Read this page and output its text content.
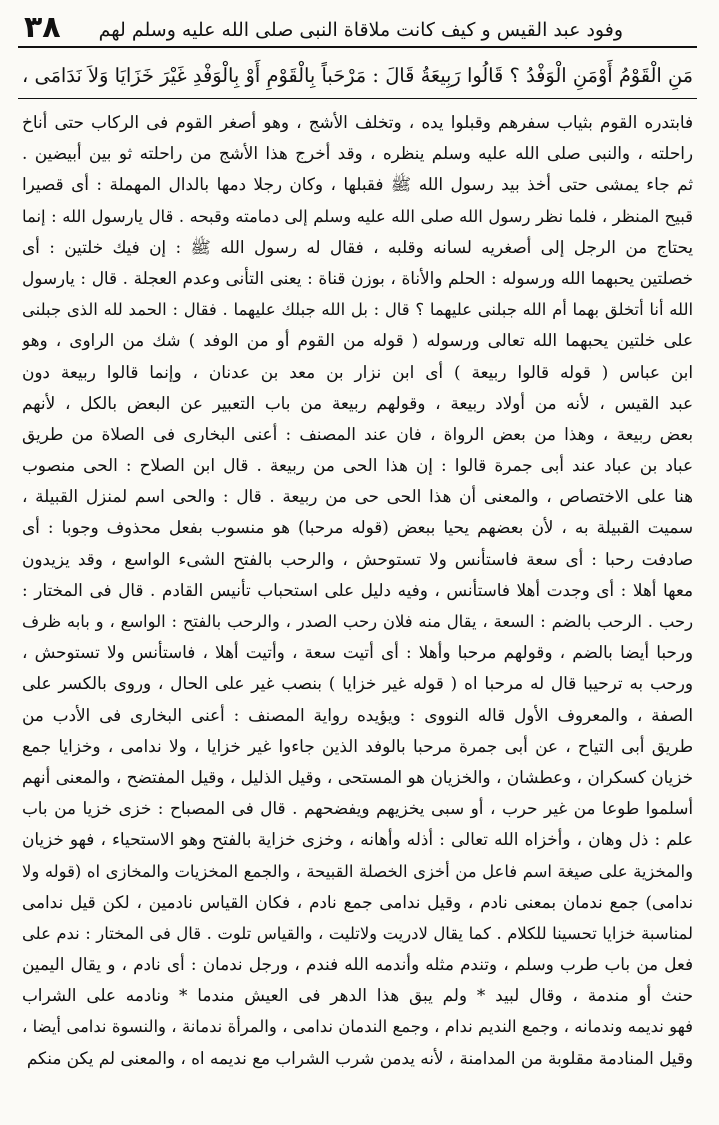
وفود عبد القيس و كيف كانت ملاقاة النبى صلى الله عليه وسلم لهم
٣٨
مَنِ الْقَوْمُ أَوْمَنِ الْوَفْدُ ؟ قَالُوا رَبِيعَةُ قَالَ : مَرْحَباً بِالْقَوْمِ أَوْ بِالْوَفْدِ غَيْرَ خَزَايَا وَلاَ نَدَامَى ،
فابتدره القوم بثياب سفرهم وقبلوا يده ، وتخلف الأشج ، وهو أصغر القوم فى الركاب حتى أناخ
راحلته ، والنبى صلى الله عليه وسلم ينظره ، وقد أخرج هذا الأشج من راحلته ثو بين أبيضين .
ثم جاء يمشى حتى أخذ بيد رسول الله ﷺ فقبلها ، وكان رجلا دمها بالدال المهملة : أى قصيرا
قبيح المنظر ، فلما نظر رسول الله صلى الله عليه وسلم إلى دمامته وقبحه . قال يارسول الله : إنما
يحتاج من الرجل إلى أصغريه لسانه وقلبه ، فقال له رسول الله ﷺ : إن فيك خلتين : أى
خصلتين يحبهما الله ورسوله : الحلم والأناة ، بوزن قناة : يعنى التأنى وعدم العجلة . قال : يارسول
الله أنا أتخلق بهما أم الله جبلنى عليهما ؟ قال : بل الله جبلك عليهما . فقال : الحمد لله الذى جبلنى
على خلتين يحبهما الله تعالى ورسوله ( قوله من القوم أو من الوفد ) شك من الراوى ، وهو
ابن عباس ( قوله قالوا ربيعة ) أى ابن نزار بن معد بن عدنان ، وإنما قالوا ربيعة دون
عبد القيس ، لأنه من أولاد ربيعة ، وقولهم ربيعة من باب التعبير عن البعض بالكل ، لأنهم
بعض ربيعة ، وهذا من بعض الرواة ، فان عند المصنف : أعنى البخارى فى الصلاة من طريق
عباد بن عباد عند أبى جمرة قالوا : إن هذا الحى من ربيعة . قال ابن الصلاح : الحى منصوب
هنا على الاختصاص ، والمعنى أن هذا الحى حى من ربيعة . قال : والحى اسم لمنزل القبيلة ،
سميت القبيلة به ، لأن بعضهم يحيا ببعض (قوله مرحبا) هو منسوب بفعل محذوف وجوبا : أى
صادفت رحبا : أى سعة فاستأنس ولا تستوحش ، والرحب بالفتح الشىء الواسع ، وقد يزيدون
معها أهلا : أى وجدت أهلا فاستأنس ، وفيه دليل على استحباب تأنيس القادم . قال فى المختار :
رحب . الرحب بالضم : السعة ، يقال منه فلان رحب الصدر ، والرحب بالفتح : الواسع ، و بابه ظرف
ورحبا أيضا بالضم ، وقولهم مرحبا وأهلا : أى أتيت سعة ، وأتيت أهلا ، فاستأنس ولا تستوحش ،
ورحب به ترحيبا قال له مرحبا اه ( قوله غير خزايا ) بنصب غير على الحال ، وروى بالكسر على
الصفة ، والمعروف الأول قاله النووى : ويؤيده رواية المصنف : أعنى البخارى فى الأدب من
طريق أبى التياح ، عن أبى جمرة مرحبا بالوفد الذين جاءوا غير خزايا ، ولا ندامى ، وخزايا جمع
خزيان كسكران ، وعطشان ، والخزيان هو المستحى ، وقيل الذليل ، وقيل المفتضح ، والمعنى أنهم
أسلموا طوعا من غير حرب ، أو سبى يخزيهم ويفضحهم . قال فى المصباح : خزى خزيا من باب
علم : ذل وهان ، وأخزاه الله تعالى : أذله وأهانه ، وخزى خزاية بالفتح وهو الاستحياء ، فهو خزيان
والمخزية على صيغة اسم فاعل من أخزى الخصلة القبيحة ، والجمع المخزيات والمخازى اه (قوله ولا
ندامى) جمع ندمان بمعنى نادم ، وقيل ندامى جمع نادم ، فكان القياس نادمين ، لكن قيل ندامى
لمناسبة خزايا تحسينا للكلام . كما يقال لادريت ولاتليت ، والقياس تلوت . قال فى المختار : ندم على
فعل من باب طرب وسلم ، وتندم مثله وأندمه الله فندم ، ورجل ندمان : أى نادم ، و يقال اليمين
حنث أو مندمة ، وقال لبيد * ولم يبق هذا الدهر فى العيش مندما * ونادمه على الشراب
فهو نديمه وندمانه ، وجمع النديم ندام ، وجمع الندمان ندامى ، والمرأة ندمانة ، والنسوة ندامى أيضا ،
وقيل المنادمة مقلوبة من المدامنة ، لأنه يدمن شرب الشراب مع نديمه اه ، والمعنى لم يكن منكم
